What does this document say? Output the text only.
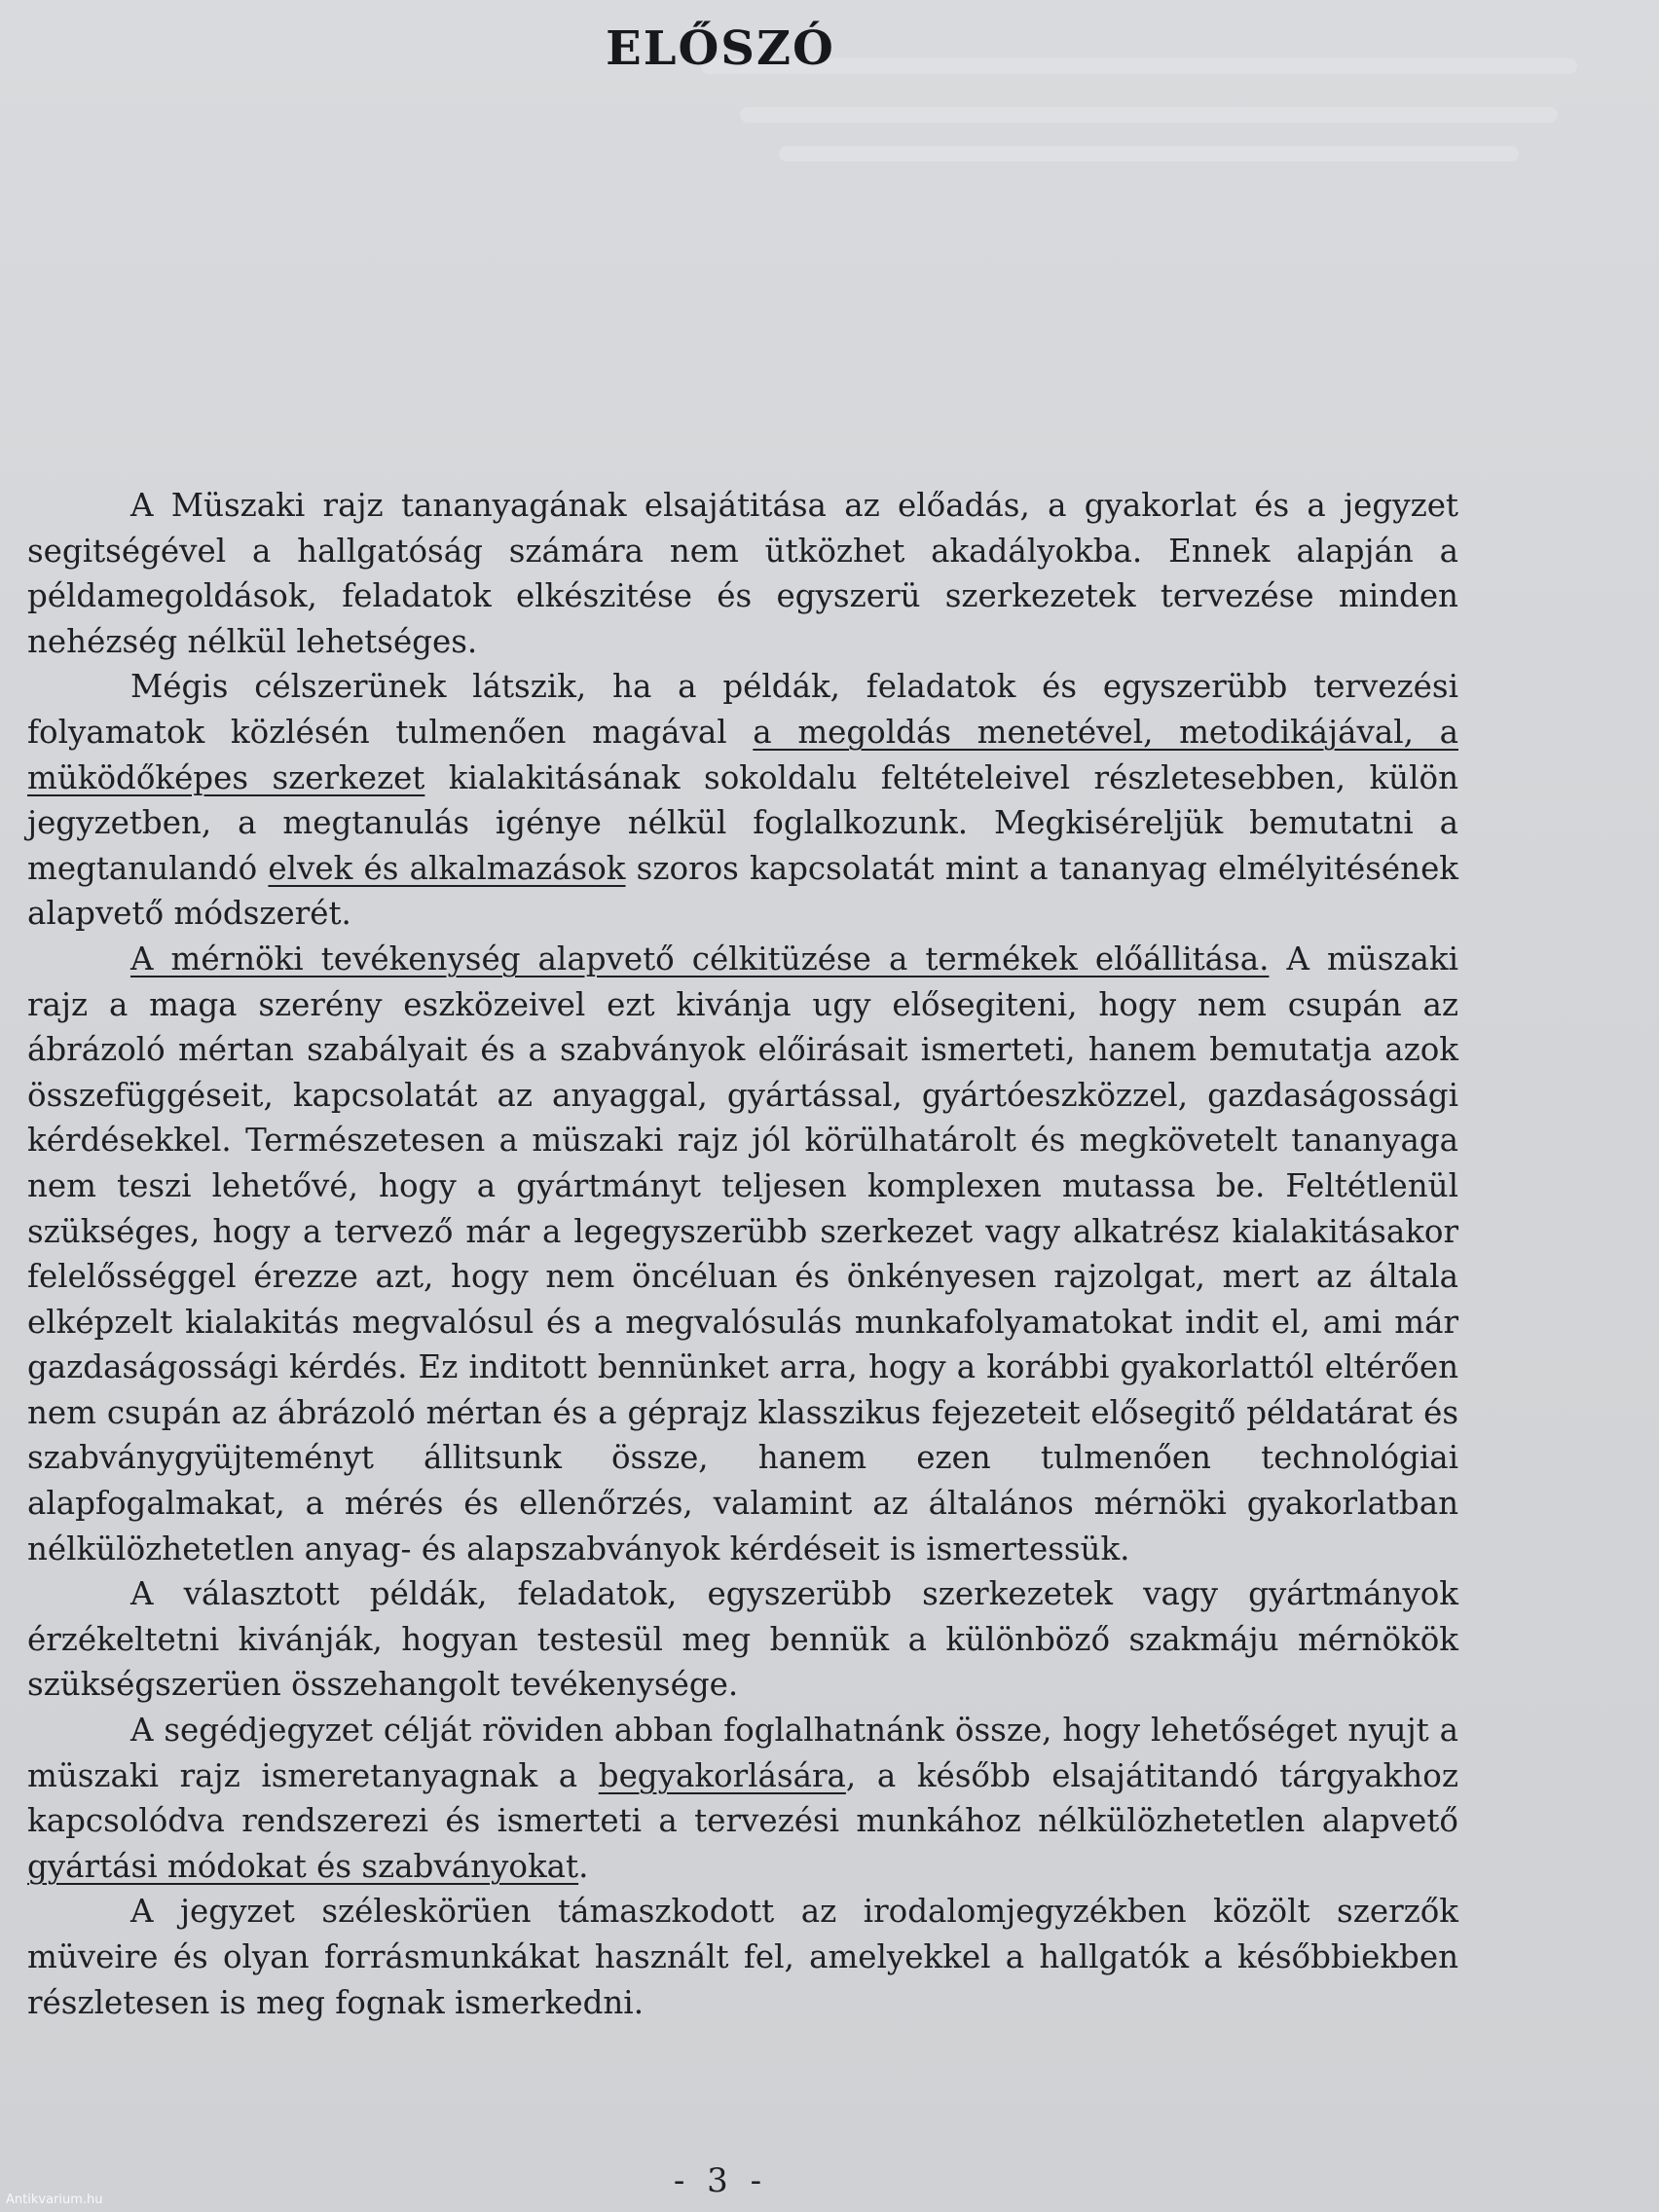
ELŐSZÓ

A Müszaki rajz tananyagának elsajátitása az előadás, a gyakorlat és a jegyzet segitségével a hallgatóság számára nem ütközhet akadályokba. Ennek alapján a példamegoldások, feladatok elkészitése és egyszerü szerkezetek tervezése minden nehézség nélkül lehetséges.

Mégis célszerünek látszik, ha a példák, feladatok és egyszerübb tervezési folyamatok közlésén tulmenően magával a megoldás menetével, metodikájával, a müködőképes szerkezet kialakitásának sokoldalu feltételeivel részletesebben, külön jegyzetben, a megtanulás igénye nélkül foglalkozunk. Megkiséreljük bemutatni a megtanulandó elvek és alkalmazások szoros kapcsolatát mint a tananyag elmélyitésének alapvető módszerét.

A mérnöki tevékenység alapvető célkitüzése a termékek előállitása. A müszaki rajz a maga szerény eszközeivel ezt kivánja ugy elősegiteni, hogy nem csupán az ábrázoló mértan szabályait és a szabványok előirásait ismerteti, hanem bemutatja azok összefüggéseit, kapcsolatát az anyaggal, gyártással, gyártóeszközzel, gazdaságossági kérdésekkel. Természetesen a müszaki rajz jól körülhatárolt és megkövetelt tananyaga nem teszi lehetővé, hogy a gyártmányt teljesen komplexen mutassa be. Feltétlenül szükséges, hogy a tervező már a legegyszerübb szerkezet vagy alkatrész kialakitásakor felelősséggel érezze azt, hogy nem öncéluan és önkényesen rajzolgat, mert az általa elképzelt kialakitás megvalósul és a megvalósulás munkafolyamatokat indit el, ami már gazdaságossági kérdés. Ez inditott bennünket arra, hogy a korábbi gyakorlattól eltérően nem csupán az ábrázoló mértan és a géprajz klasszikus fejezeteit elősegitő példatárat és szabványgyüjteményt állitsunk össze, hanem ezen tulmenően technológiai alapfogalmakat, a mérés és ellenőrzés, valamint az általános mérnöki gyakorlatban nélkülözhetetlen anyag- és alapszabványok kérdéseit is ismertessük.

A választott példák, feladatok, egyszerübb szerkezetek vagy gyártmányok érzékeltetni kivánják, hogyan testesül meg bennük a különböző szakmáju mérnökök szükségszerüen összehangolt tevékenysége.

A segédjegyzet célját röviden abban foglalhatnánk össze, hogy lehetőséget nyujt a müszaki rajz ismeretanyagnak a begyakorlására, a később elsajátitandó tárgyakhoz kapcsolódva rendszerezi és ismerteti a tervezési munkához nélkülözhetetlen alapvető gyártási módokat és szabványokat.

A jegyzet széleskörüen támaszkodott az irodalomjegyzékben közölt szerzők müveire és olyan forrásmunkákat használt fel, amelyekkel a hallgatók a későbbiekben részletesen is meg fognak ismerkedni.

- 3 -
Antikvarium.hu
